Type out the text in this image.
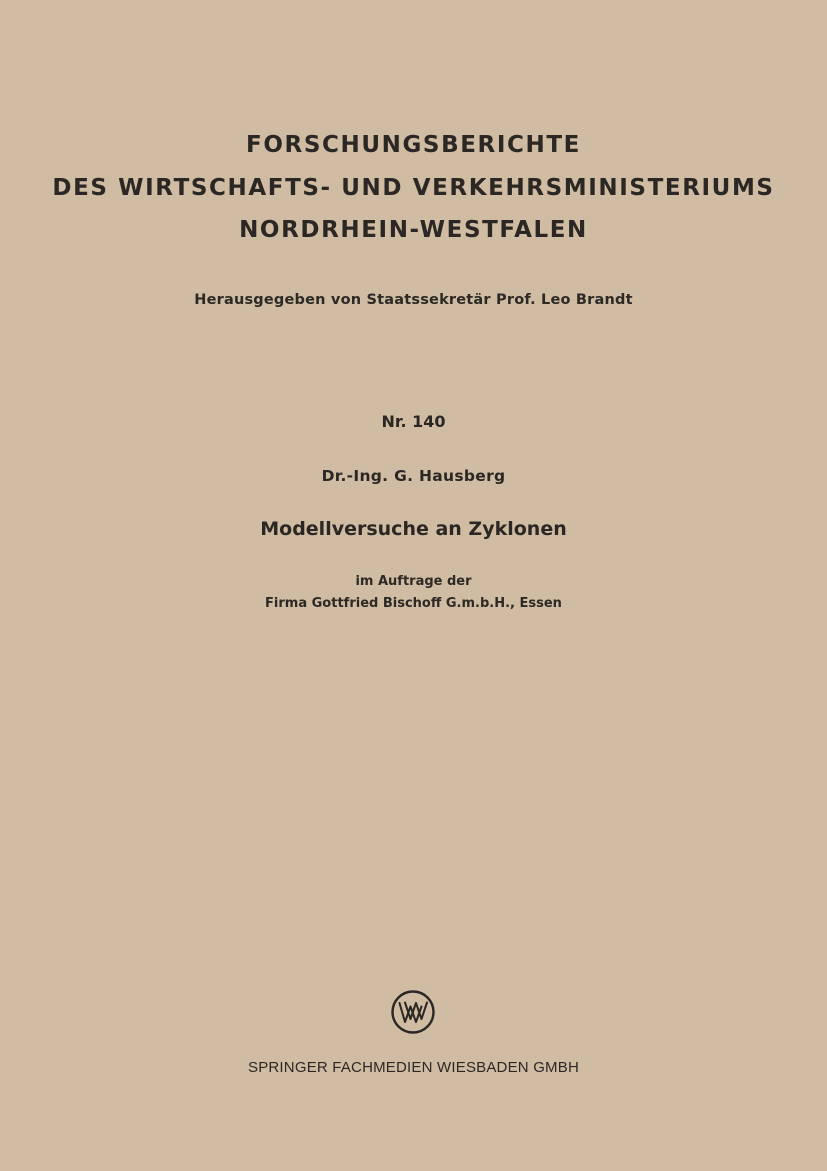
FORSCHUNGSBERICHTE
DES WIRTSCHAFTS- UND VERKEHRSMINISTERIUMS
NORDRHEIN-WESTFALEN
Herausgegeben von Staatssekretär Prof. Leo Brandt
Nr. 140
Dr.-Ing. G. Hausberg
Modellversuche an Zyklonen
im Auftrage der
Firma Gottfried Bischoff G.m.b.H., Essen
SPRINGER FACHMEDIEN WIESBADEN GMBH
